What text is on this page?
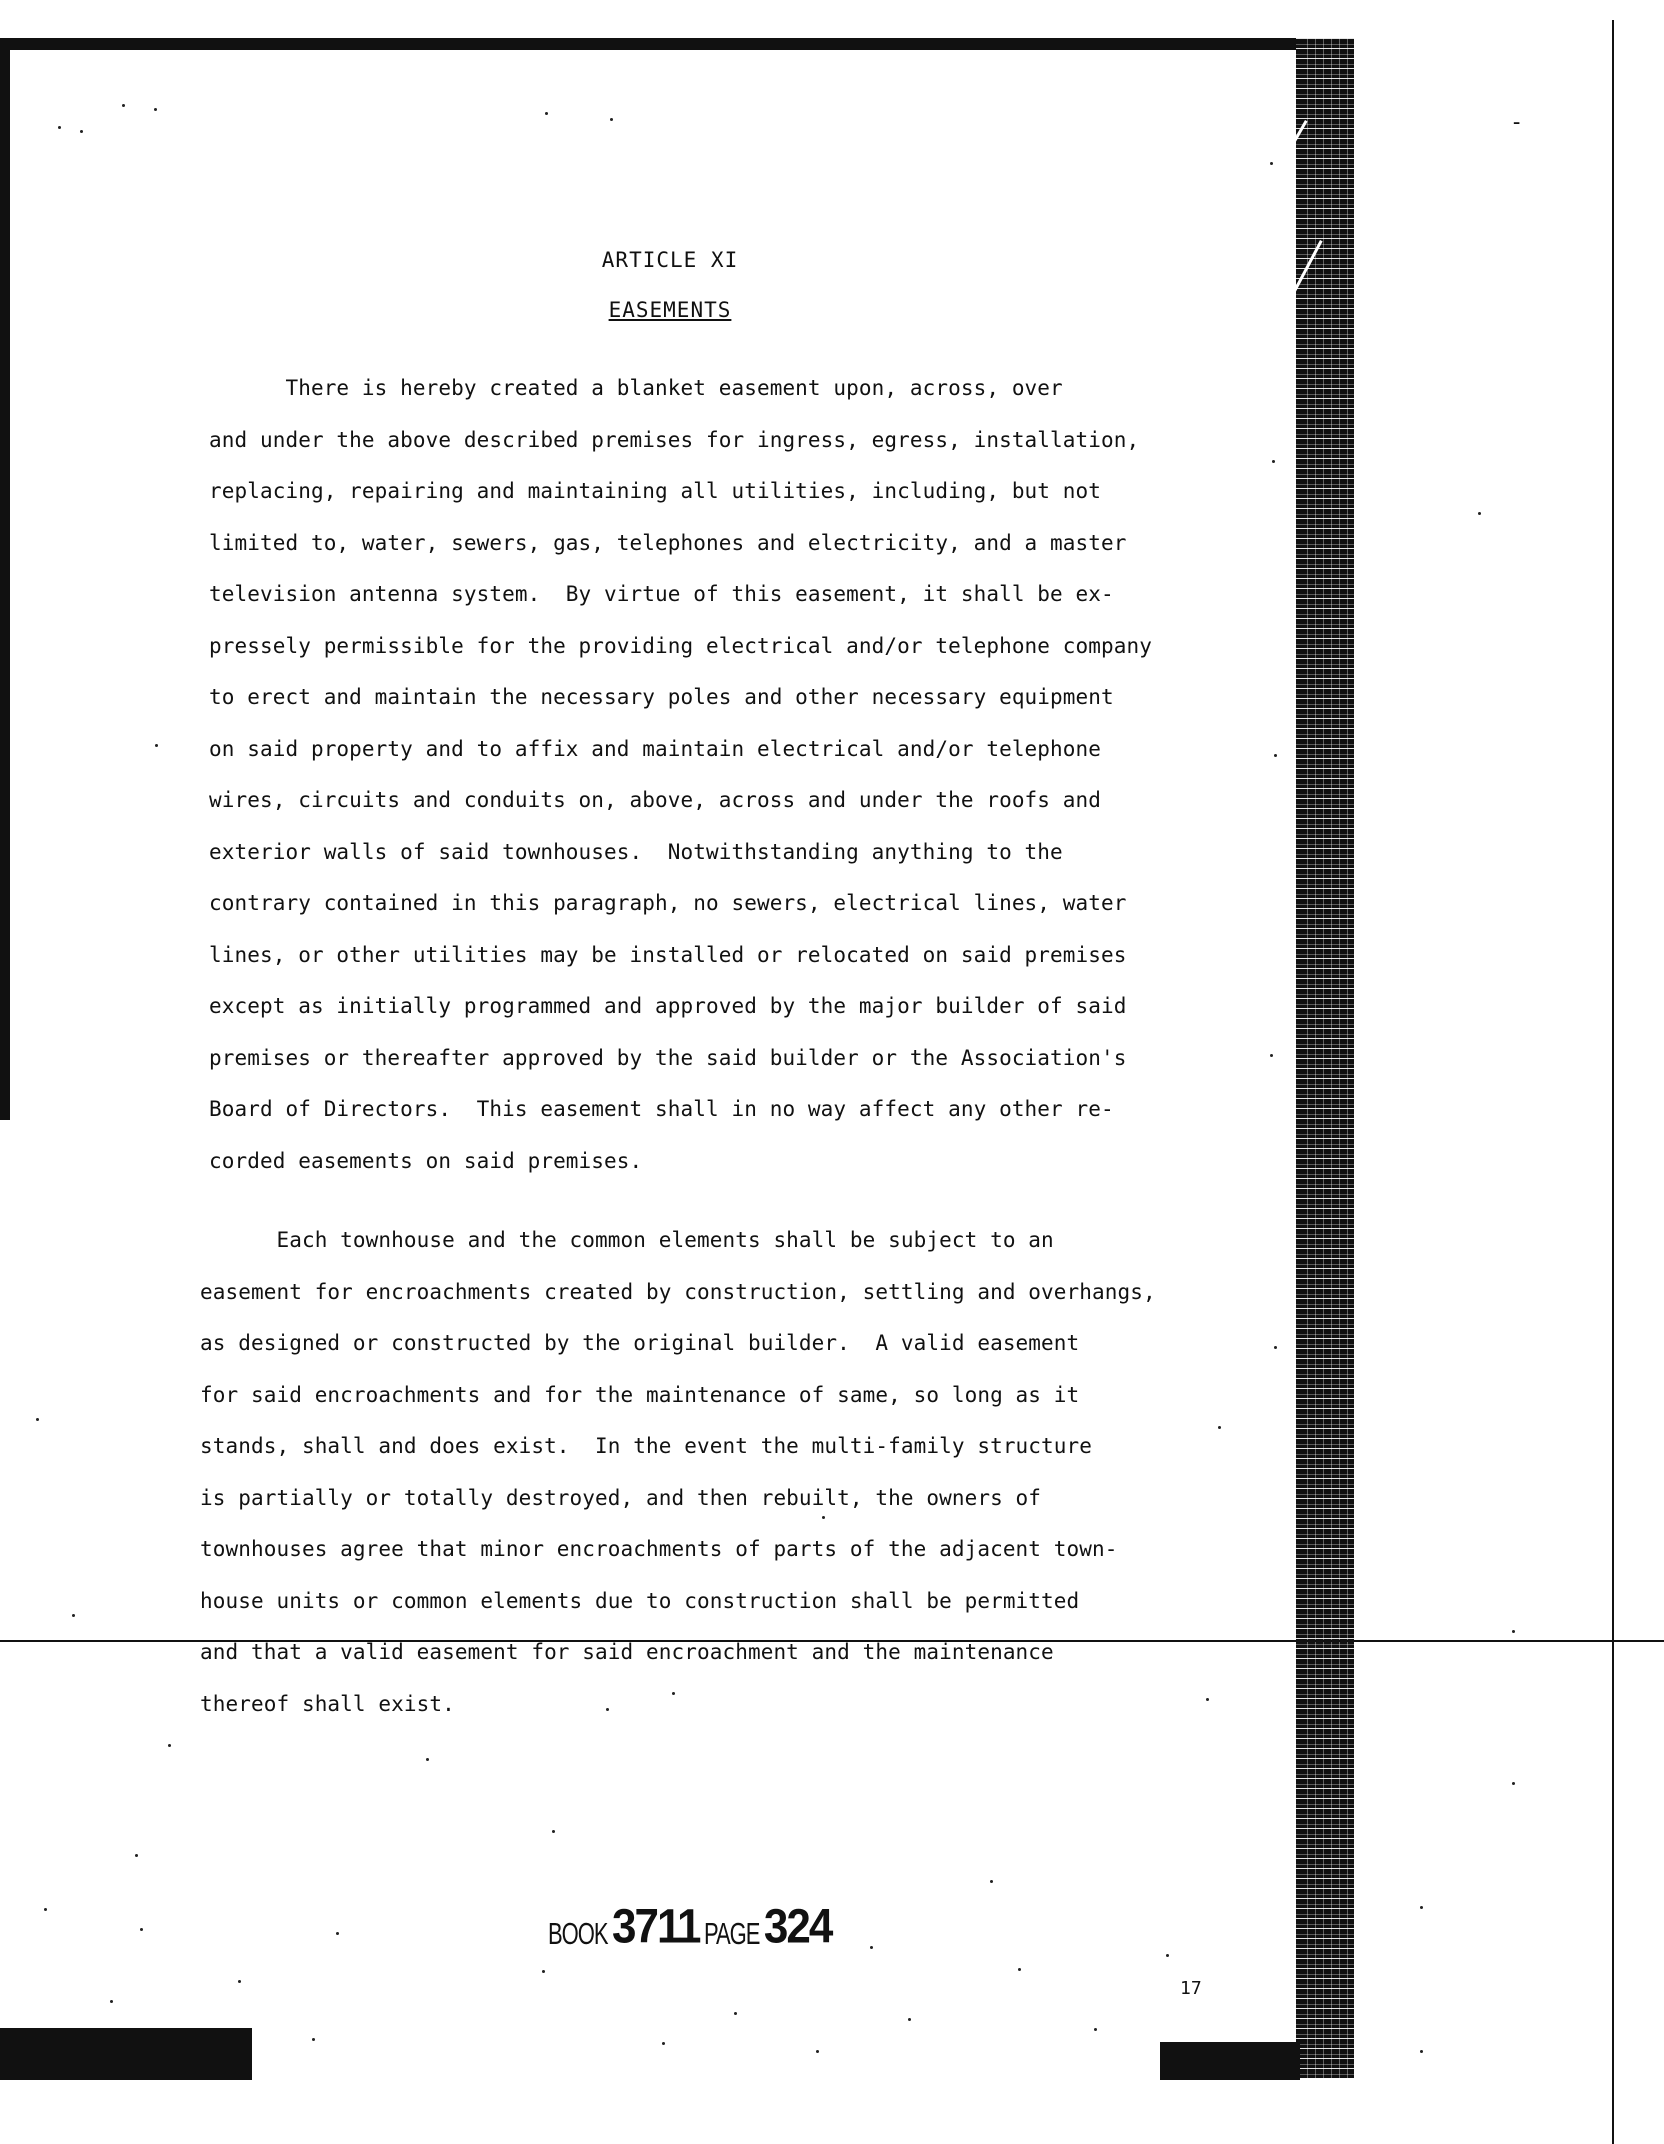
-
ARTICLE XI
EASEMENTS
There is hereby created a blanket easement upon, across, over
and under the above described premises for ingress, egress, installation,
replacing, repairing and maintaining all utilities, including, but not
limited to, water, sewers, gas, telephones and electricity, and a master
television antenna system.  By virtue of this easement, it shall be ex-
pressely permissible for the providing electrical and/or telephone company
to erect and maintain the necessary poles and other necessary equipment
on said property and to affix and maintain electrical and/or telephone
wires, circuits and conduits on, above, across and under the roofs and
exterior walls of said townhouses.  Notwithstanding anything to the
contrary contained in this paragraph, no sewers, electrical lines, water
lines, or other utilities may be installed or relocated on said premises
except as initially programmed and approved by the major builder of said
premises or thereafter approved by the said builder or the Association's
Board of Directors.  This easement shall in no way affect any other re-
corded easements on said premises.
Each townhouse and the common elements shall be subject to an
easement for encroachments created by construction, settling and overhangs,
as designed or constructed by the original builder.  A valid easement
for said encroachments and for the maintenance of same, so long as it
stands, shall and does exist.  In the event the multi-family structure
is partially or totally destroyed, and then rebuilt, the owners of
townhouses agree that minor encroachments of parts of the adjacent town-
house units or common elements due to construction shall be permitted
and that a valid easement for said encroachment and the maintenance
thereof shall exist.
BOOK 3711 PAGE 324
17
